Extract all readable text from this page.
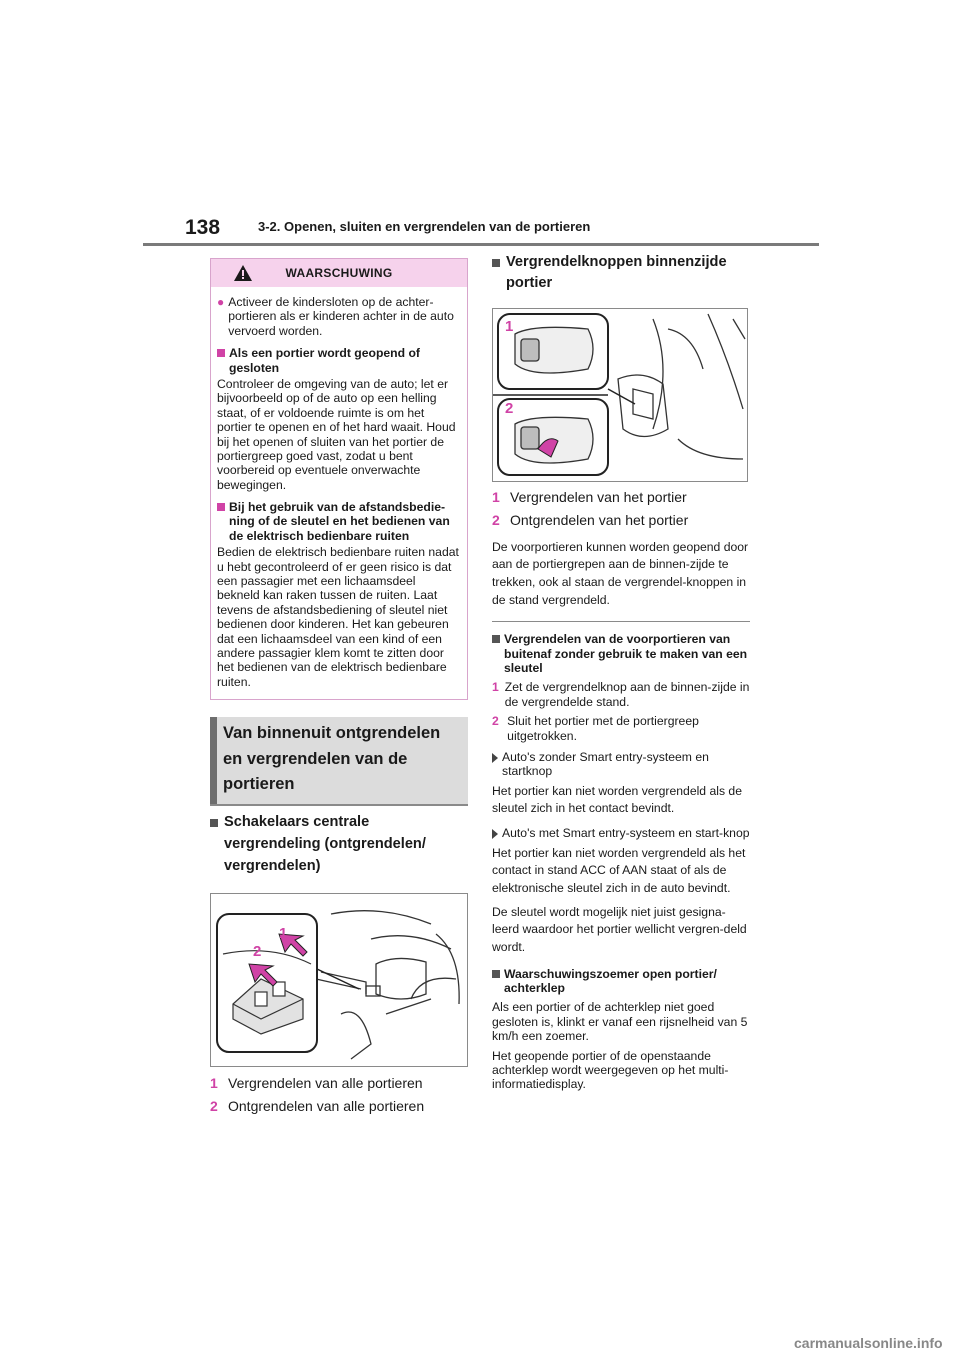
138	3-2. Openen, sluiten en vergrendelen van de portieren
WAARSCHUWING

● Activeer de kindersloten op de achter-portieren als er kinderen achter in de auto vervoerd worden.

Als een portier wordt geopend of gesloten

Controleer de omgeving van de auto; let er bijvoorbeeld op of de auto op een helling staat, of er voldoende ruimte is om het portier te openen en of het hard waait. Houd bij het openen of sluiten van het portier de portiergreep goed vast, zodat u bent voorbereid op eventuele onverwachte bewegingen.

Bij het gebruik van de afstandsbedie-ning of de sleutel en het bedienen van de elektrisch bedienbare ruiten

Bedien de elektrisch bedienbare ruiten nadat u hebt gecontroleerd of er geen risico is dat een passagier met een lichaamsdeel bekneld kan raken tussen de ruiten. Laat tevens de afstandsbediening of sleutel niet bedienen door kinderen. Het kan gebeuren dat een lichaamsdeel van een kind of een andere passagier klem komt te zitten door het bedienen van de elektrisch bedienbare ruiten.

Van binnenuit ontgrendelen en vergrendelen van de portieren
Schakelaars centrale vergrendeling (ontgrendelen/ vergrendelen)
1
2
1 Vergrendelen van alle portieren
2 Ontgrendelen van alle portieren
Vergrendelknoppen binnenzijde portier
1
2
1 Vergrendelen van het portier
2 Ontgrendelen van het portier

De voorportieren kunnen worden geopend door aan de portiergrepen aan de binnen-zijde te trekken, ook al staan de vergrendel-knoppen in de stand vergrendeld.

Vergrendelen van de voorportieren van buitenaf zonder gebruik te maken van een sleutel
1 Zet de vergrendelknop aan de binnen-zijde in de vergrendelde stand.
2 Sluit het portier met de portiergreep uitgetrokken.
Auto's zonder Smart entry-systeem en startknop

Het portier kan niet worden vergrendeld als de sleutel zich in het contact bevindt.

Auto's met Smart entry-systeem en start-knop

Het portier kan niet worden vergrendeld als het contact in stand ACC of AAN staat of als de elektronische sleutel zich in de auto bevindt.

De sleutel wordt mogelijk niet juist gesigna-leerd waardoor het portier wellicht vergren-deld wordt.

Waarschuwingszoemer open portier/ achterklep

Als een portier of de achterklep niet goed gesloten is, klinkt er vanaf een rijsnelheid van 5 km/h een zoemer.

Het geopende portier of de openstaande achterklep wordt weergegeven op het multi-informatiedisplay.

carmanualsonline.info
